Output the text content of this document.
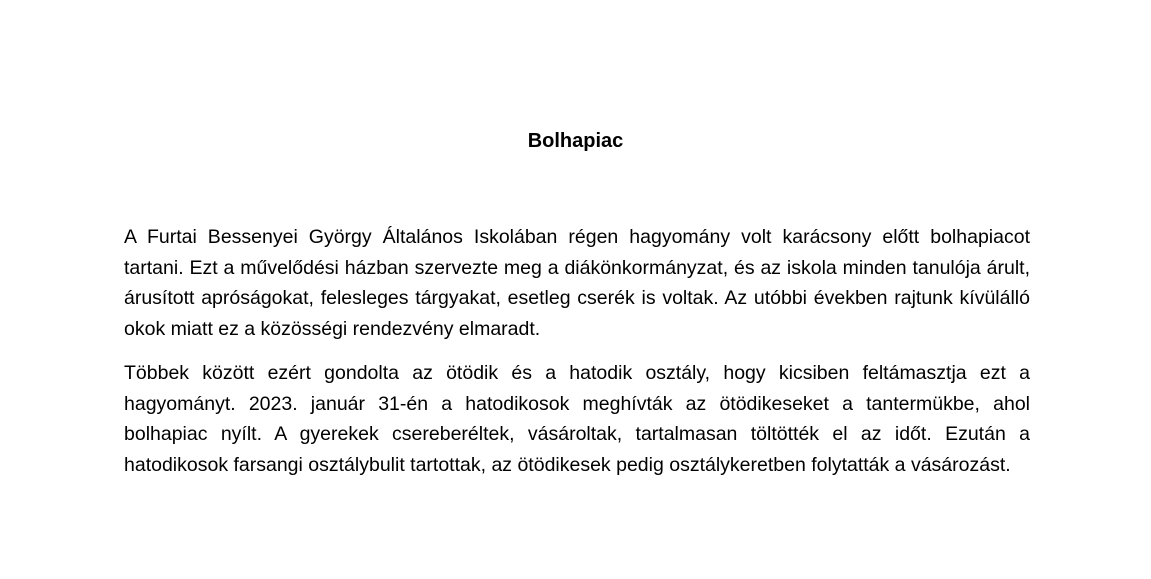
Bolhapiac

A Furtai Bessenyei György Általános Iskolában régen hagyomány volt karácsony előtt bolhapiacot tartani. Ezt a művelődési házban szervezte meg a diákönkormányzat, és az iskola minden tanulója árult, árusított apróságokat, felesleges tárgyakat, esetleg cserék is voltak. Az utóbbi években rajtunk kívülálló okok miatt ez a közösségi rendezvény elmaradt.

Többek között ezért gondolta az ötödik és a hatodik osztály, hogy kicsiben feltámasztja ezt a hagyományt. 2023. január 31-én a hatodikosok meghívták az ötödikeseket a tantermükbe, ahol bolhapiac nyílt. A gyerekek csereberéltek, vásároltak, tartalmasan töltötték el az időt. Ezután a hatodikosok farsangi osztálybulit tartottak, az ötödikesek pedig osztálykeretben folytatták a vásározást.
